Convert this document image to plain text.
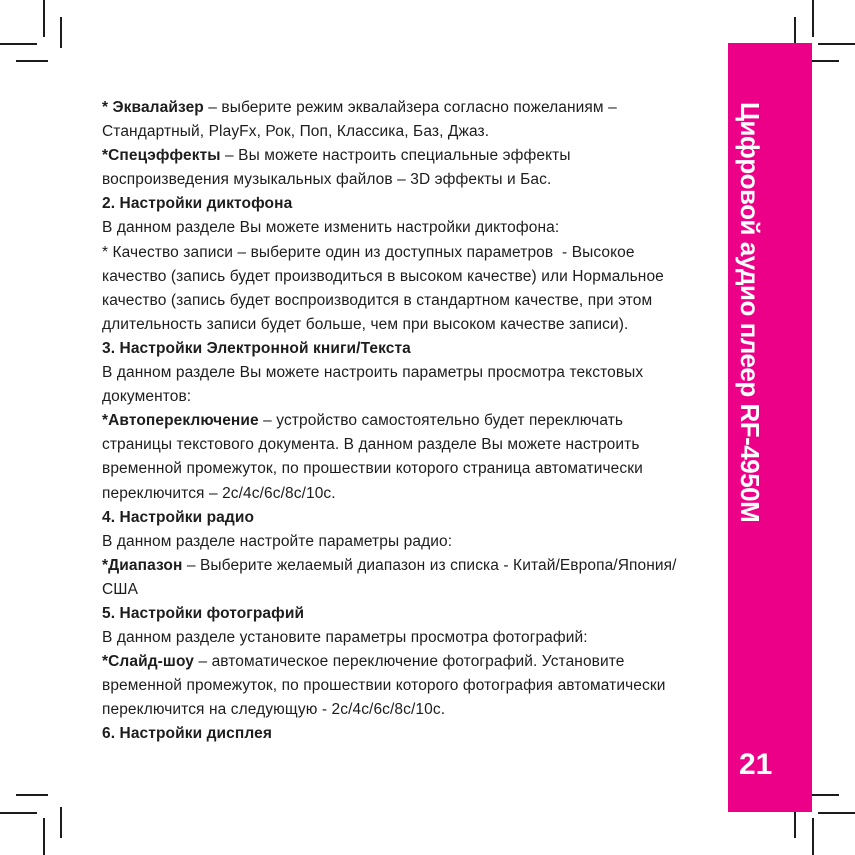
* Эквалайзер – выберите режим эквалайзера согласно пожеланиям –
Стандартный, PlayFx, Рок, Поп, Классика, Баз, Джаз.
*Спецэффекты – Вы можете настроить специальные эффекты
воспроизведения музыкальных файлов – 3D эффекты и Бас.
2. Настройки диктофона
В данном разделе Вы можете изменить настройки диктофона:
* Качество записи – выберите один из доступных параметров  - Высокое
качество (запись будет производиться в высоком качестве) или Нормальное
качество (запись будет воспроизводится в стандартном качестве, при этом
длительность записи будет больше, чем при высоком качестве записи).
3. Настройки Электронной книги/Текста
В данном разделе Вы можете настроить параметры просмотра текстовых
документов:
*Автопереключение – устройство самостоятельно будет переключать
страницы текстового документа. В данном разделе Вы можете настроить
временной промежуток, по прошествии которого страница автоматически
переключится – 2с/4с/6с/8с/10с.
4. Настройки радио
В данном разделе настройте параметры радио:
*Диапазон – Выберите желаемый диапазон из списка - Китай/Европа/Япония/
США
5. Настройки фотографий
В данном разделе установите параметры просмотра фотографий:
*Слайд-шоу – автоматическое переключение фотографий. Установите
временной промежуток, по прошествии которого фотография автоматически
переключится на следующую - 2с/4с/6с/8с/10с.
6. Настройки дисплея
Цифровой аудио плеер RF-4950M
21
